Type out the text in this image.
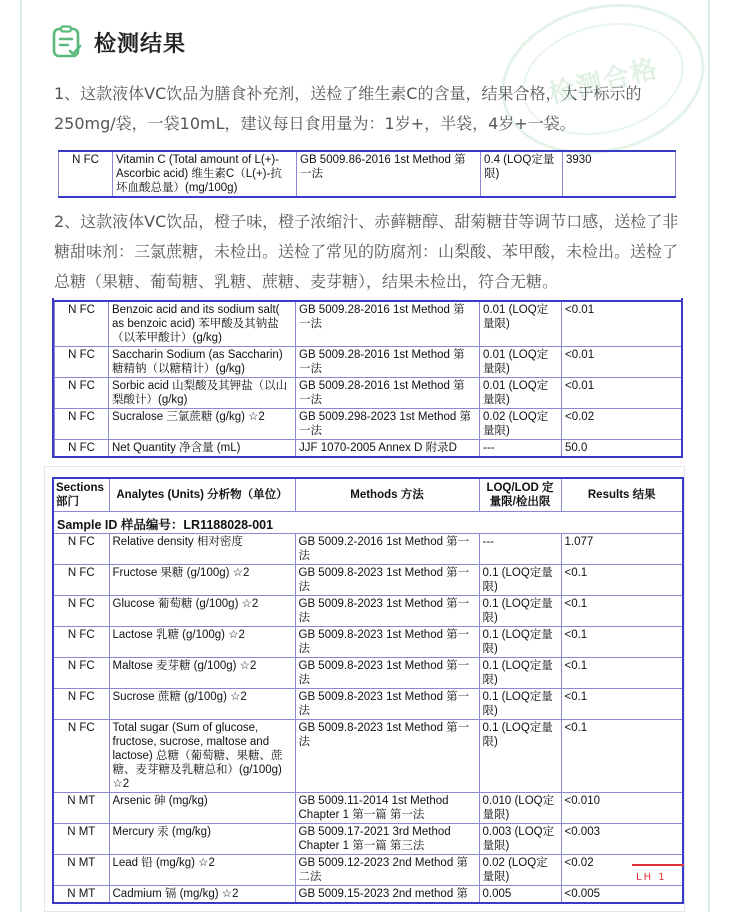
检测合格
检测结果

1、这款液体VC饮品为膳食补充剂，送检了维生素C的含量，结果合格，大于标示的250mg/袋，一袋10mL，建议每日食用量为：1岁+，半袋，4岁+一袋。

N FC	Vitamin C (Total amount of L(+)-Ascorbic acid) 维生素C（L(+)-抗坏血酸总量）(mg/100g)	GB 5009.86-2016 1st Method 第一法	0.4 (LOQ定量限)	3930

2、这款液体VC饮品，橙子味，橙子浓缩汁、赤藓糖醇、甜菊糖苷等调节口感，送检了非糖甜味剂：三氯蔗糖，未检出。送检了常见的防腐剂：山梨酸、苯甲酸，未检出。送检了总糖（果糖、葡萄糖、乳糖、蔗糖、麦芽糖），结果未检出，符合无糖。

N FC	Benzoic acid and its sodium salt( as benzoic acid) 苯甲酸及其钠盐（以苯甲酸计）(g/kg)	GB 5009.28-2016 1st Method 第一法	0.01 (LOQ定量限)	<0.01
N FC	Saccharin Sodium (as Saccharin) 糖精钠（以糖精计）(g/kg)	GB 5009.28-2016 1st Method 第一法	0.01 (LOQ定量限)	<0.01
N FC	Sorbic acid 山梨酸及其钾盐（以山梨酸计）(g/kg)	GB 5009.28-2016 1st Method 第一法	0.01 (LOQ定量限)	<0.01
N FC	Sucralose 三氯蔗糖 (g/kg) ☆2	GB 5009.298-2023 1st Method 第一法	0.02 (LOQ定量限)	<0.02
N FC	Net Quantity 净含量 (mL)	JJF 1070-2005 Annex D 附录D	---	50.0
Sections 部门	Analytes (Units) 分析物（单位）	Methods 方法	LOQ/LOD 定量限/检出限	Results 结果
Sample ID 样品编号：LR1188028-001				
N FC	Relative density 相对密度	GB 5009.2-2016 1st Method 第一法	---	1.077
N FC	Fructose 果糖 (g/100g) ☆2	GB 5009.8-2023 1st Method 第一法	0.1 (LOQ定量限)	<0.1
N FC	Glucose 葡萄糖 (g/100g) ☆2	GB 5009.8-2023 1st Method 第一法	0.1 (LOQ定量限)	<0.1
N FC	Lactose 乳糖 (g/100g) ☆2	GB 5009.8-2023 1st Method 第一法	0.1 (LOQ定量限)	<0.1
N FC	Maltose 麦芽糖 (g/100g) ☆2	GB 5009.8-2023 1st Method 第一法	0.1 (LOQ定量限)	<0.1
N FC	Sucrose 蔗糖 (g/100g) ☆2	GB 5009.8-2023 1st Method 第一法	0.1 (LOQ定量限)	<0.1
N FC	Total sugar (Sum of glucose, fructose, sucrose, maltose and lactose) 总糖（葡萄糖、果糖、蔗糖、麦芽糖及乳糖总和）(g/100g) ☆2	GB 5009.8-2023 1st Method 第一法	0.1 (LOQ定量限)	<0.1
N MT	Arsenic 砷 (mg/kg)	GB 5009.11-2014 1st Method Chapter 1 第一篇 第一法	0.010 (LOQ定量限)	<0.010
N MT	Mercury 汞 (mg/kg)	GB 5009.17-2021 3rd Method Chapter 1 第一篇 第三法	0.003 (LOQ定量限)	<0.003
N MT	Lead 铅 (mg/kg) ☆2	GB 5009.12-2023 2nd Method 第二法	0.02 (LOQ定量限)	<0.02
N MT	Cadmium 镉 (mg/kg) ☆2	GB 5009.15-2023 2nd method 第	0.005	<0.005
LH 1
